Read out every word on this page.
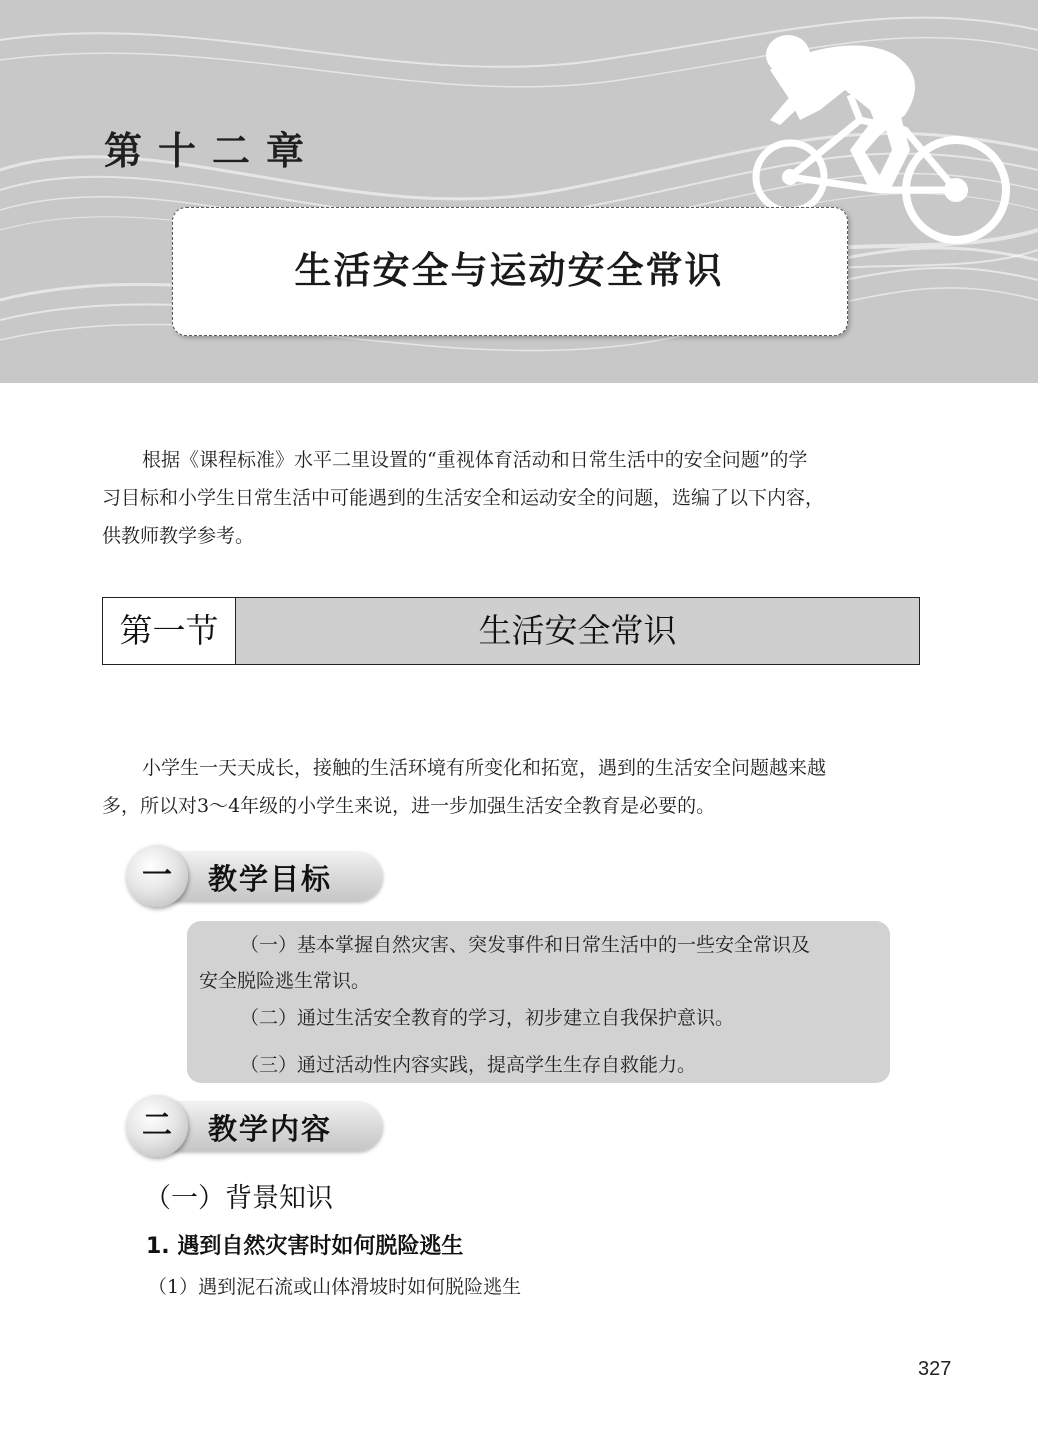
第十二章
生活安全与运动安全常识
根据《课程标准》水平二里设置的“重视体育活动和日常生活中的安全问题”的学
习目标和小学生日常生活中可能遇到的生活安全和运动安全的问题，选编了以下内容，
供教师教学参考。
第一节	生活安全常识
小学生一天天成长，接触的生活环境有所变化和拓宽，遇到的生活安全问题越来越
多，所以对3～4年级的小学生来说，进一步加强生活安全教育是必要的。
一	教学目标
（一）基本掌握自然灾害、突发事件和日常生活中的一些安全常识及
安全脱险逃生常识。
（二）通过生活安全教育的学习，初步建立自我保护意识。
（三）通过活动性内容实践，提高学生生存自救能力。
二	教学内容
（一）背景知识
1. 遇到自然灾害时如何脱险逃生
（1）遇到泥石流或山体滑坡时如何脱险逃生
327
